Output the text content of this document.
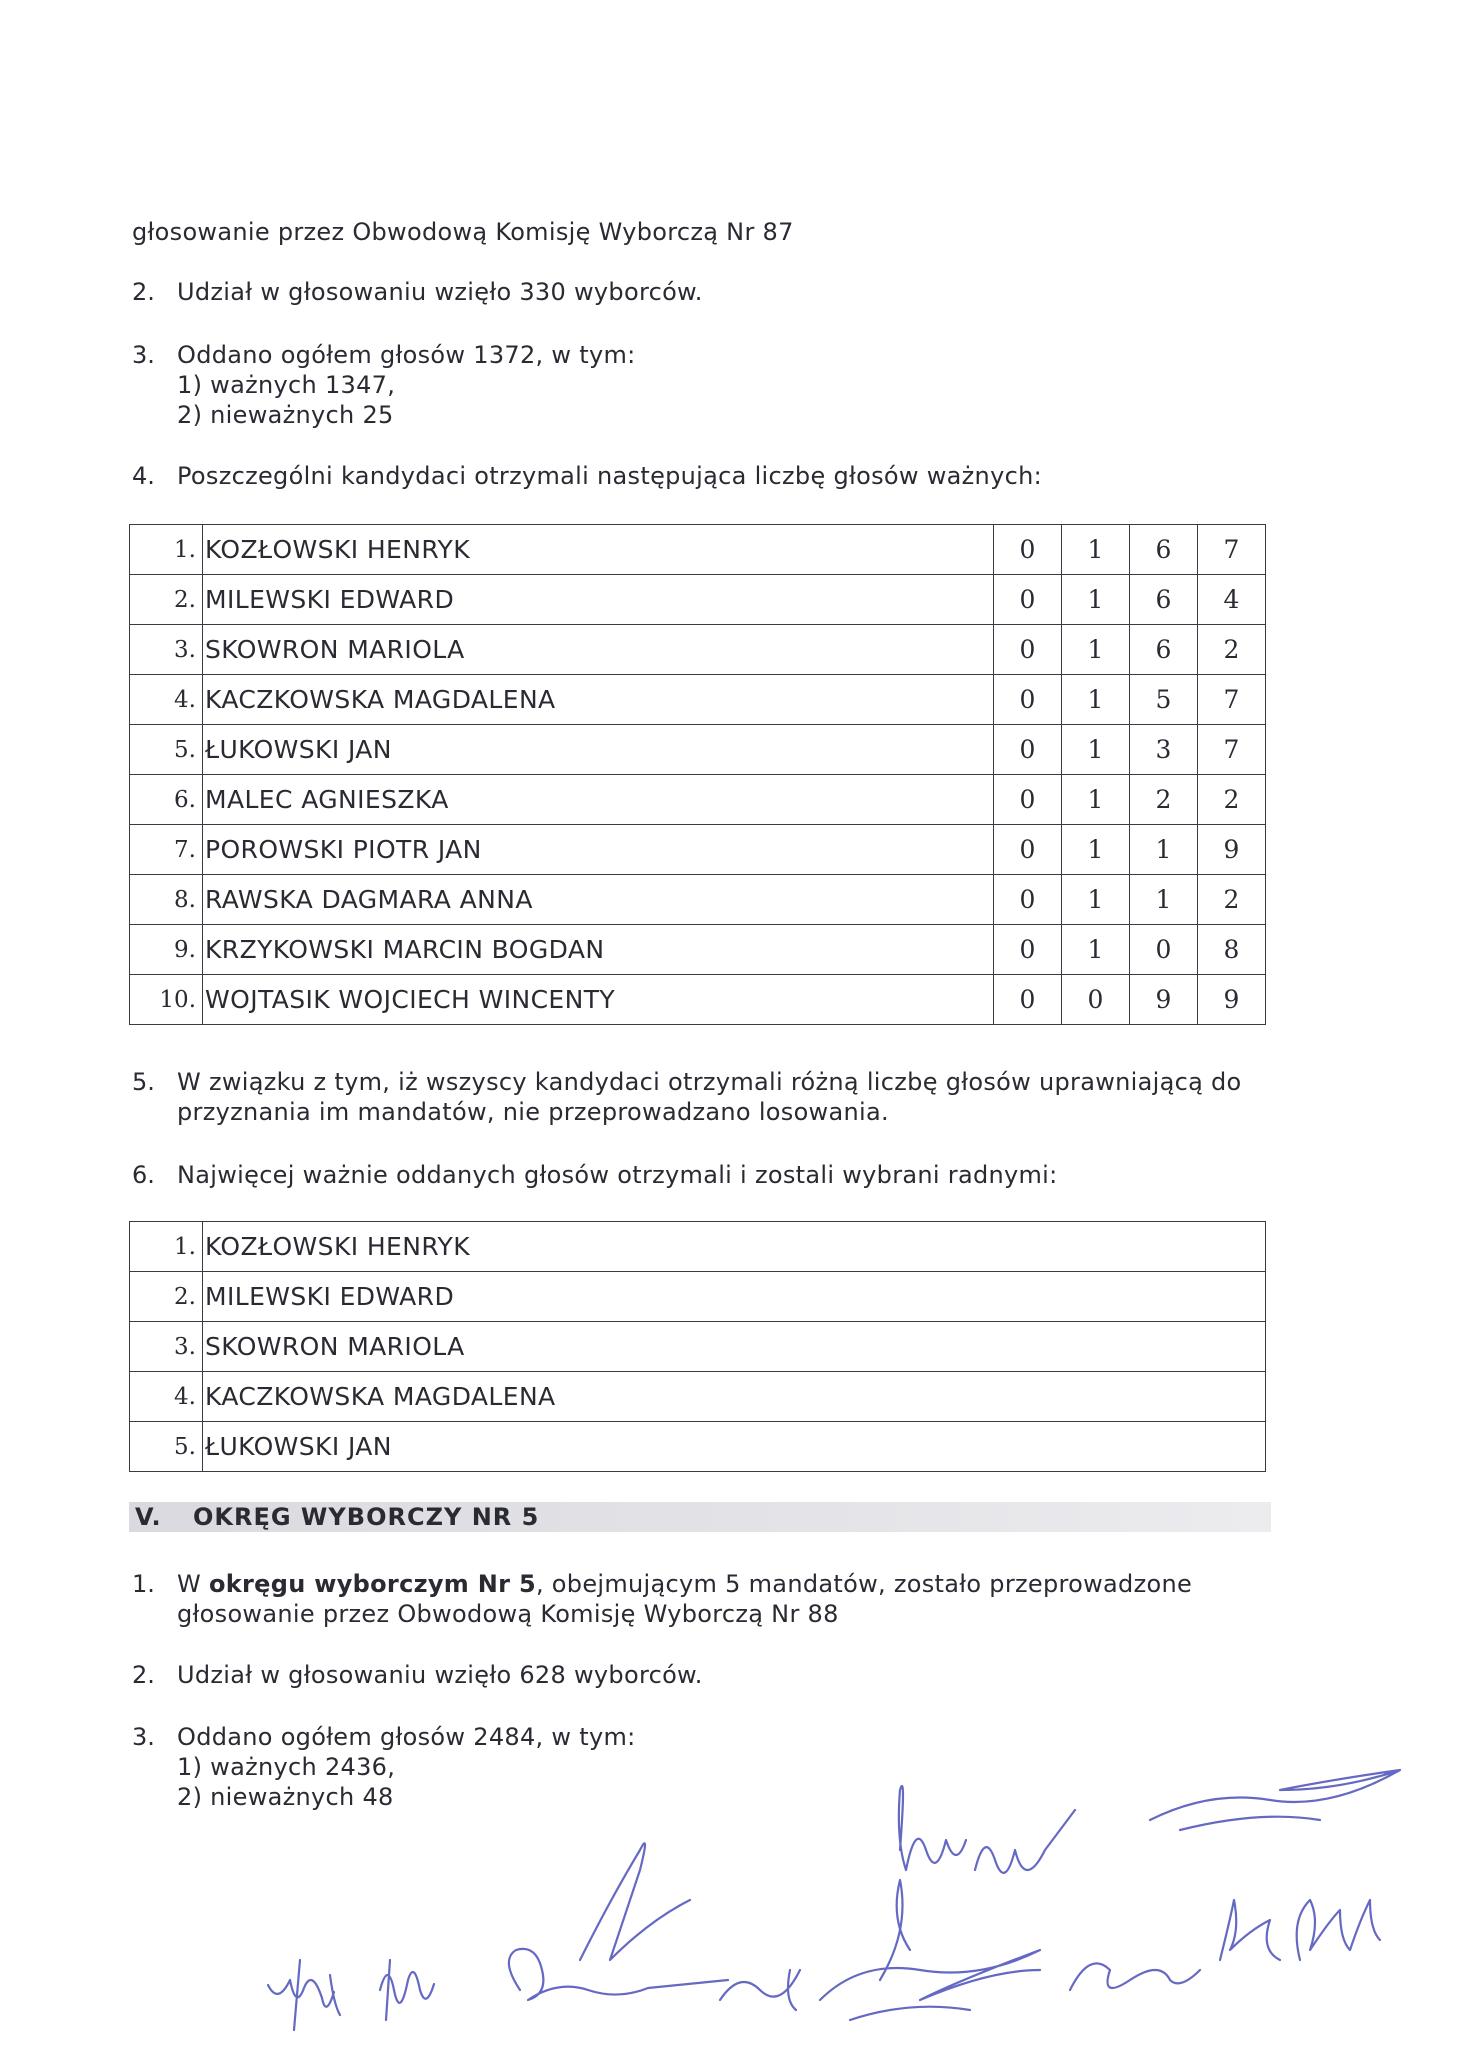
głosowanie przez Obwodową Komisję Wyborczą Nr 87
2. Udział w głosowaniu wzięło 330 wyborców.
3. Oddano ogółem głosów 1372, w tym:
1) ważnych 1347,
2) nieważnych 25
4. Poszczególni kandydaci otrzymali następująca liczbę głosów ważnych:
1.	KOZŁOWSKI HENRYK	0	1	6	7
2.	MILEWSKI EDWARD	0	1	6	4
3.	SKOWRON MARIOLA	0	1	6	2
4.	KACZKOWSKA MAGDALENA	0	1	5	7
5.	ŁUKOWSKI JAN	0	1	3	7
6.	MALEC AGNIESZKA	0	1	2	2
7.	POROWSKI PIOTR JAN	0	1	1	9
8.	RAWSKA DAGMARA ANNA	0	1	1	2
9.	KRZYKOWSKI MARCIN BOGDAN	0	1	0	8
10.	WOJTASIK WOJCIECH WINCENTY	0	0	9	9
5. W związku z tym, iż wszyscy kandydaci otrzymali różną liczbę głosów uprawniającą do
przyznania im mandatów, nie przeprowadzano losowania.
6. Najwięcej ważnie oddanych głosów otrzymali i zostali wybrani radnymi:
1.	KOZŁOWSKI HENRYK
2.	MILEWSKI EDWARD
3.	SKOWRON MARIOLA
4.	KACZKOWSKA MAGDALENA
5.	ŁUKOWSKI JAN
V. OKRĘG WYBORCZY NR 5
1. W okręgu wyborczym Nr 5, obejmującym 5 mandatów, zostało przeprowadzone
głosowanie przez Obwodową Komisję Wyborczą Nr 88
2. Udział w głosowaniu wzięło 628 wyborców.
3. Oddano ogółem głosów 2484, w tym:
1) ważnych 2436,
2) nieważnych 48
